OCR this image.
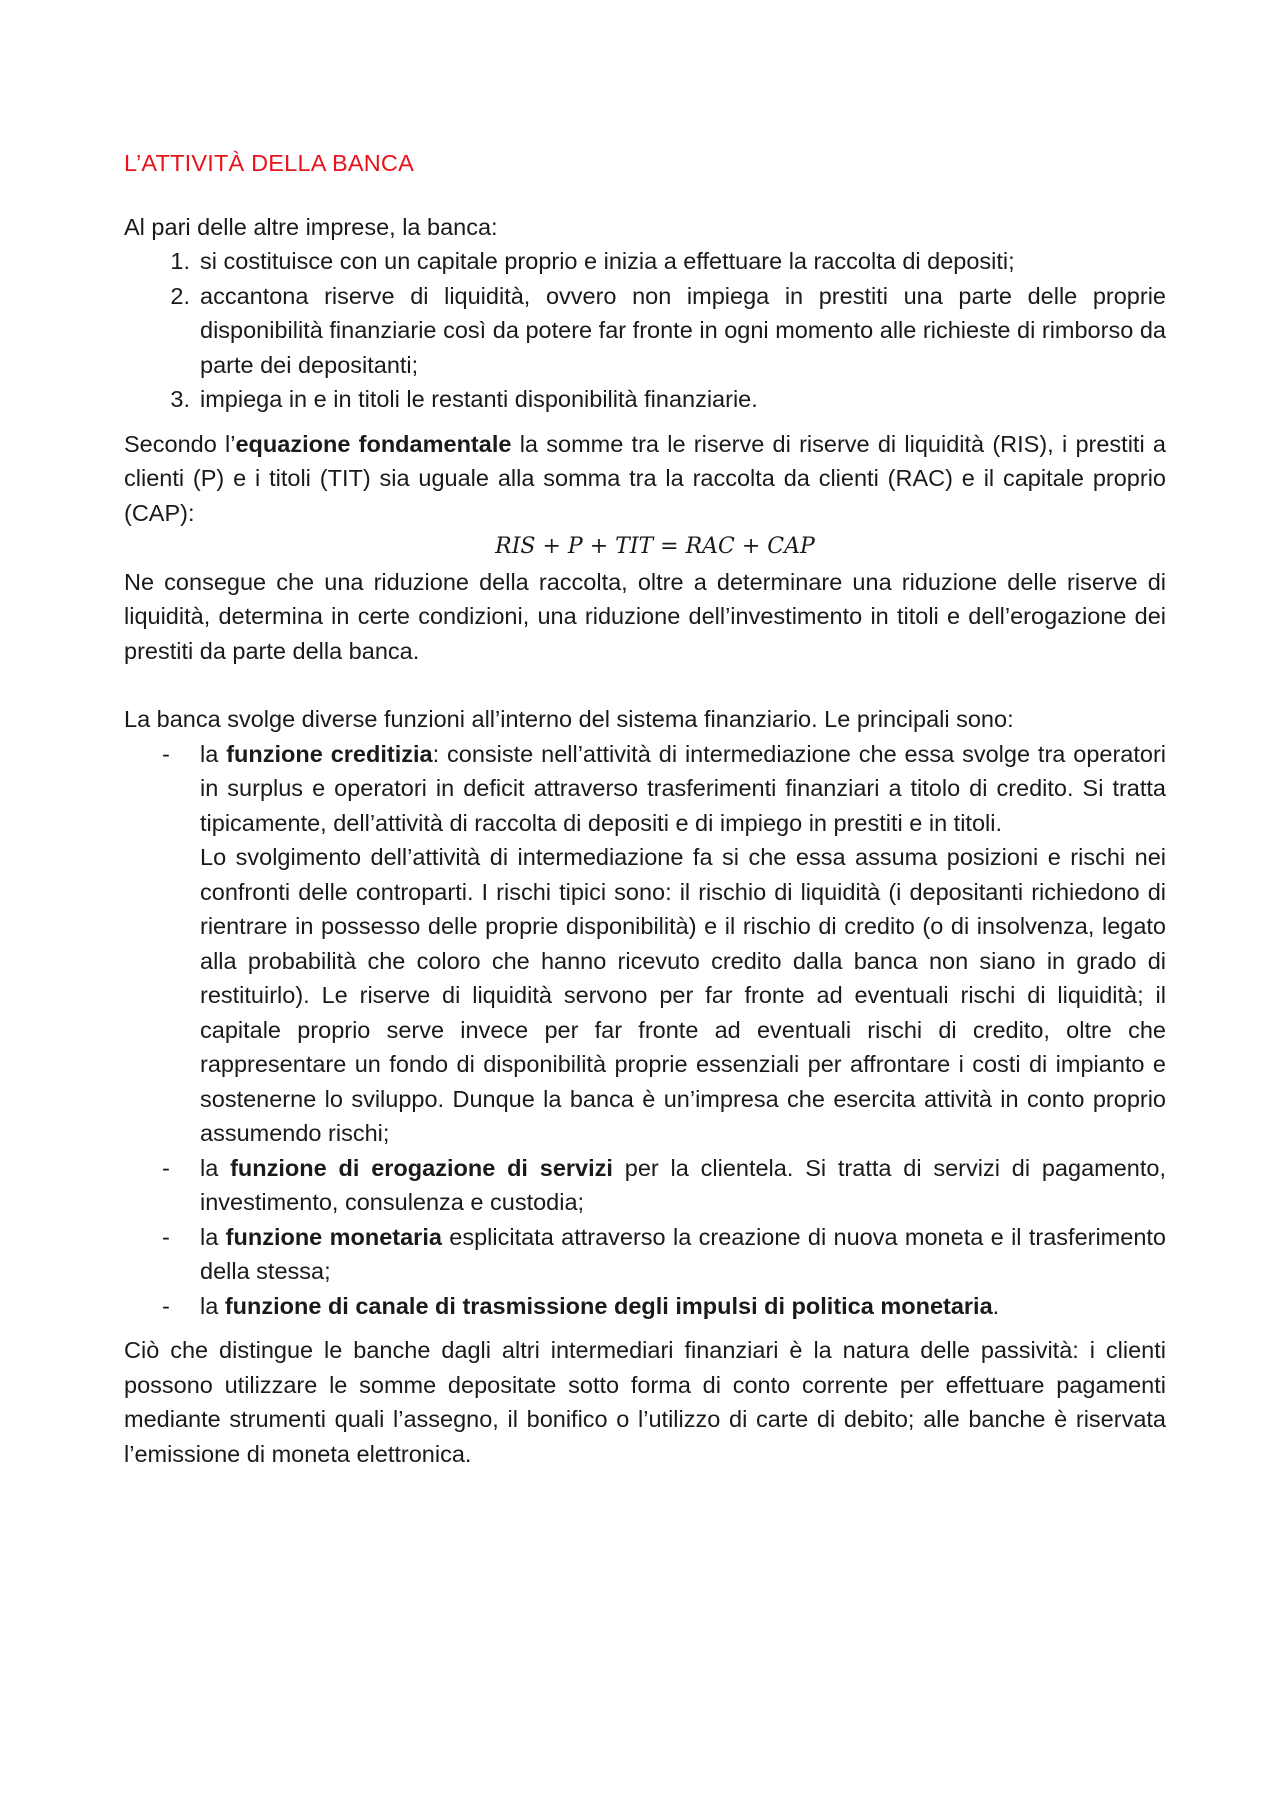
L’ATTIVITÀ DELLA BANCA

Al pari delle altre imprese, la banca:

1. si costituisce con un capitale proprio e inizia a effettuare la raccolta di depositi;
2. accantona riserve di liquidità, ovvero non impiega in prestiti una parte delle proprie disponibilità finanziarie così da potere far fronte in ogni momento alle richieste di rimborso da parte dei depositanti;
3. impiega in e in titoli le restanti disponibilità finanziarie.

Secondo l’equazione fondamentale la somme tra le riserve di riserve di liquidità (RIS), i prestiti a clienti (P) e i titoli (TIT) sia uguale alla somma tra la raccolta da clienti (RAC) e il capitale proprio (CAP):

RIS + P + TIT = RAC + CAP

Ne consegue che una riduzione della raccolta, oltre a determinare una riduzione delle riserve di liquidità, determina in certe condizioni, una riduzione dell’investimento in titoli e dell’erogazione dei prestiti da parte della banca.

La banca svolge diverse funzioni all’interno del sistema finanziario. Le principali sono:

-	la funzione creditizia: consiste nell’attività di intermediazione che essa svolge tra operatori in surplus e operatori in deficit attraverso trasferimenti finanziari a titolo di credito. Si tratta tipicamente, dell’attività di raccolta di depositi e di impiego in prestiti e in titoli.

Lo svolgimento dell’attività di intermediazione fa si che essa assuma posizioni e rischi nei confronti delle controparti. I rischi tipici sono: il rischio di liquidità (i depositanti richiedono di rientrare in possesso delle proprie disponibilità) e il rischio di credito (o di insolvenza, legato alla probabilità che coloro che hanno ricevuto credito dalla banca non siano in grado di restituirlo). Le riserve di liquidità servono per far fronte ad eventuali rischi di liquidità; il capitale proprio serve invece per far fronte ad eventuali rischi di credito, oltre che rappresentare un fondo di disponibilità proprie essenziali per affrontare i costi di impianto e sostenerne lo sviluppo. Dunque la banca è un’impresa che esercita attività in conto proprio assumendo rischi;

-	la funzione di erogazione di servizi per la clientela. Si tratta di servizi di pagamento, investimento, consulenza e custodia;

-	la funzione monetaria esplicitata attraverso la creazione di nuova moneta e il trasferimento della stessa;

-	la funzione di canale di trasmissione degli impulsi di politica monetaria.

Ciò che distingue le banche dagli altri intermediari finanziari è la natura delle passività: i clienti possono utilizzare le somme depositate sotto forma di conto corrente per effettuare pagamenti mediante strumenti quali l’assegno, il bonifico o l’utilizzo di carte di debito; alle banche è riservata l’emissione di moneta elettronica.
